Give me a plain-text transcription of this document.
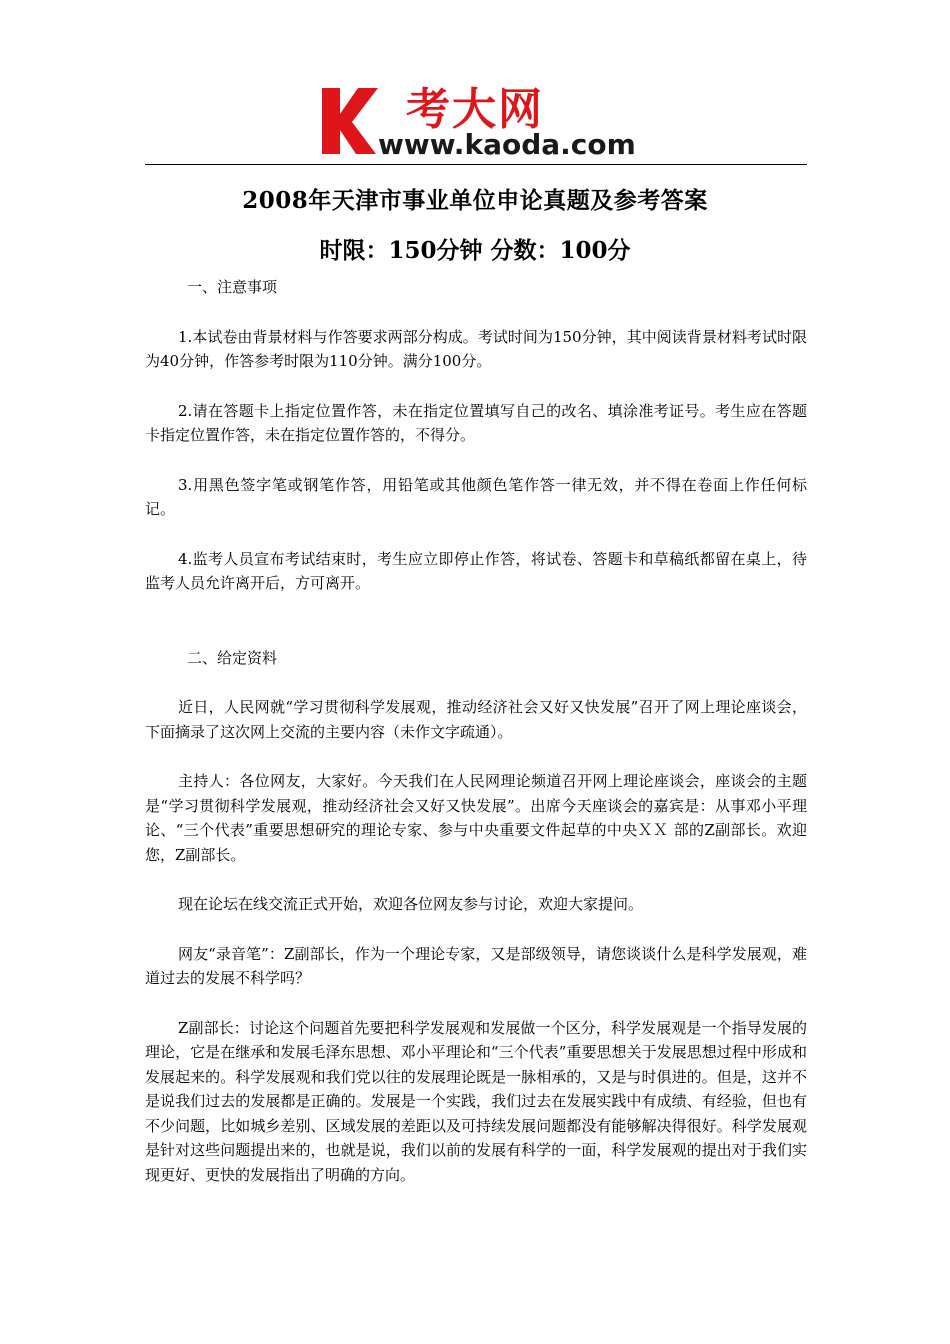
考大网
www.kaoda.com
2008年天津市事业单位申论真题及参考答案
时限：150分钟 分数：100分
一、注意事项
1.本试卷由背景材料与作答要求两部分构成。考试时间为150分钟，其中阅读背景材料考试时限为40分钟，作答参考时限为110分钟。满分100分。
2.请在答题卡上指定位置作答，未在指定位置填写自己的改名、填涂准考证号。考生应在答题卡指定位置作答，未在指定位置作答的，不得分。
3.用黑色签字笔或钢笔作答，用铅笔或其他颜色笔作答一律无效，并不得在卷面上作任何标记。
4.监考人员宣布考试结束时，考生应立即停止作答，将试卷、答题卡和草稿纸都留在桌上，待监考人员允许离开后，方可离开。
二、给定资料
近日，人民网就“学习贯彻科学发展观，推动经济社会又好又快发展”召开了网上理论座谈会，下面摘录了这次网上交流的主要内容（未作文字疏通）。
主持人：各位网友，大家好。今天我们在人民网理论频道召开网上理论座谈会，座谈会的主题是“学习贯彻科学发展观，推动经济社会又好又快发展”。出席今天座谈会的嘉宾是：从事邓小平理论、“三个代表”重要思想研究的理论专家、参与中央重要文件起草的中央ＸＸ 部的Z副部长。欢迎您，Z副部长。
现在论坛在线交流正式开始，欢迎各位网友参与讨论，欢迎大家提问。
网友“录音笔”：Z副部长，作为一个理论专家，又是部级领导，请您谈谈什么是科学发展观，难道过去的发展不科学吗？
Z副部长：讨论这个问题首先要把科学发展观和发展做一个区分，科学发展观是一个指导发展的理论，它是在继承和发展毛泽东思想、邓小平理论和“三个代表”重要思想关于发展思想过程中形成和发展起来的。科学发展观和我们党以往的发展理论既是一脉相承的，又是与时俱进的。但是，这并不是说我们过去的发展都是正确的。发展是一个实践，我们过去在发展实践中有成绩、有经验，但也有不少问题，比如城乡差别、区域发展的差距以及可持续发展问题都没有能够解决得很好。科学发展观是针对这些问题提出来的，也就是说，我们以前的发展有科学的一面，科学发展观的提出对于我们实现更好、更快的发展指出了明确的方向。
